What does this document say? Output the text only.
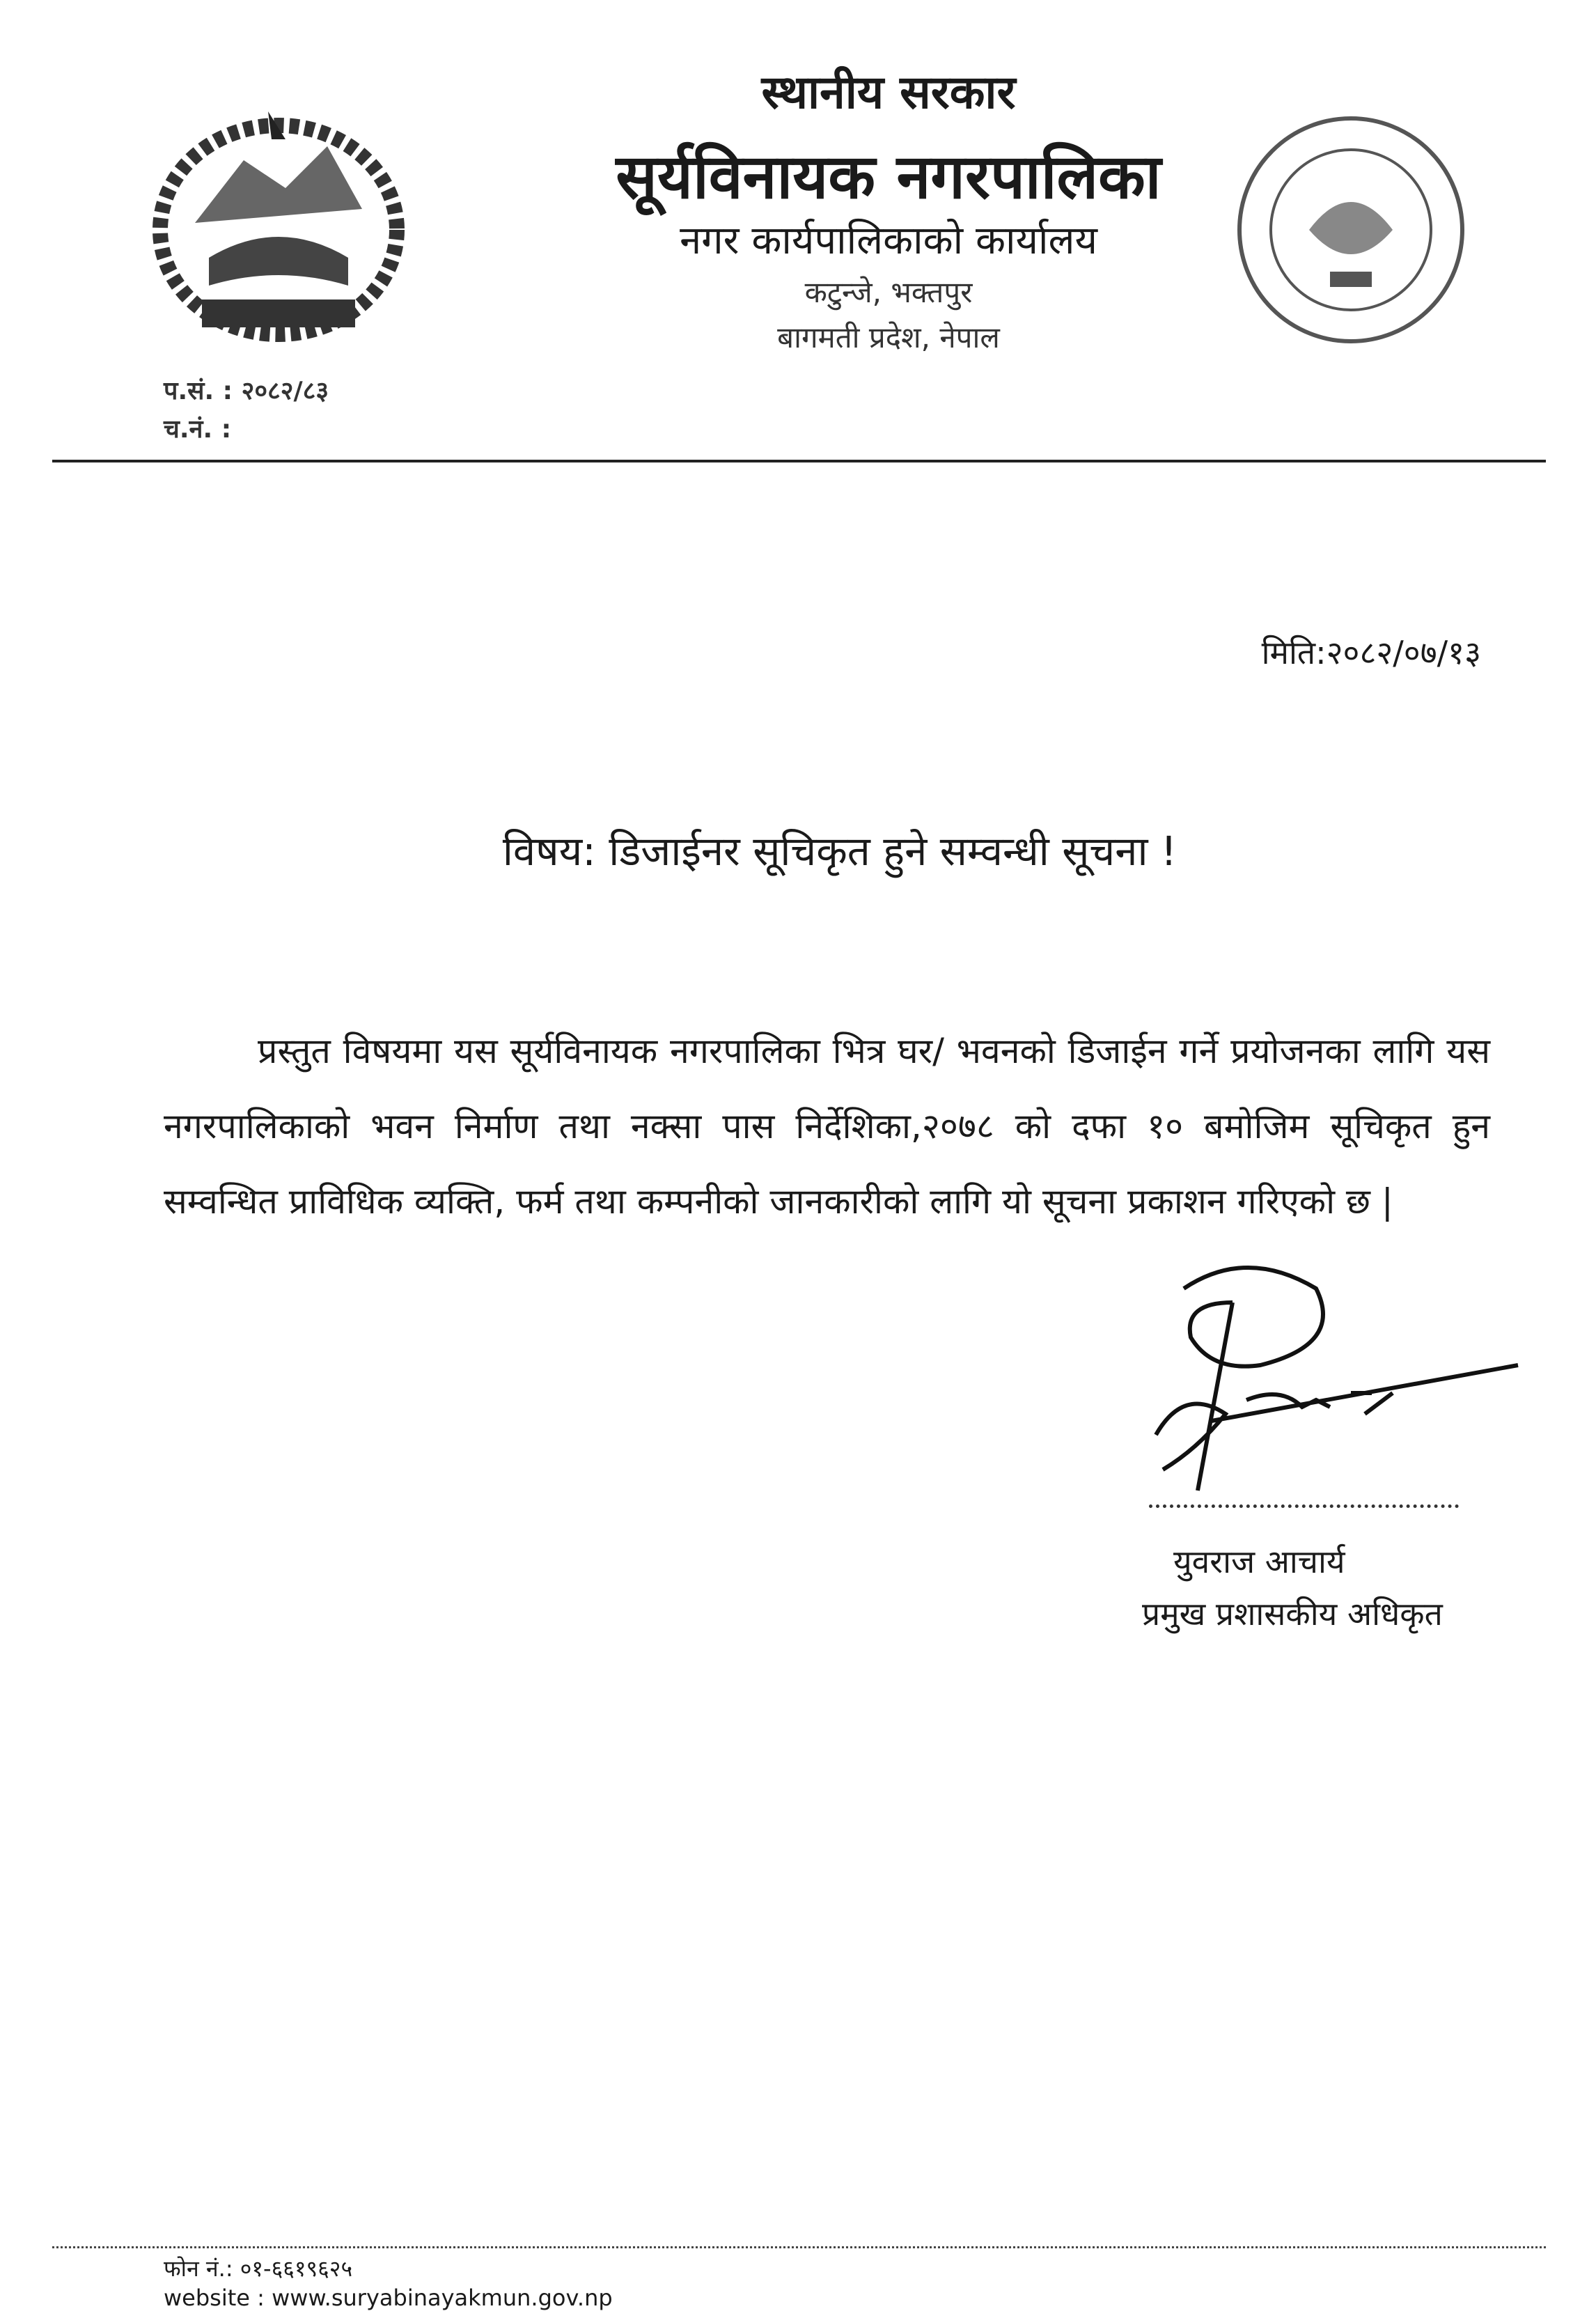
स्थानीय सरकार
सूर्यविनायक नगरपालिका
नगर कार्यपालिकाको कार्यालय
कटुन्जे, भक्तपुर
बागमती प्रदेश, नेपाल
प.सं. : २०८२/८३
च.नं. :
मिति:२०८२/०७/१३
विषय: डिजाईनर सूचिकृत हुने सम्वन्धी सूचना !
प्रस्तुत विषयमा यस सूर्यविनायक नगरपालिका भित्र घर/ भवनको डिजाईन गर्ने प्रयोजनका लागि यस नगरपालिकाको भवन निर्माण तथा नक्सा पास निर्देशिका,२०७८ को दफा १० बमोजिम सूचिकृत हुन सम्वन्धित प्राविधिक व्यक्ति, फर्म तथा कम्पनीको जानकारीको लागि यो सूचना प्रकाशन गरिएको छ |
युवराज आचार्य
प्रमुख प्रशासकीय अधिकृत
फोन नं.: ०१-६६१९६२५
website : www.suryabinayakmun.gov.np
